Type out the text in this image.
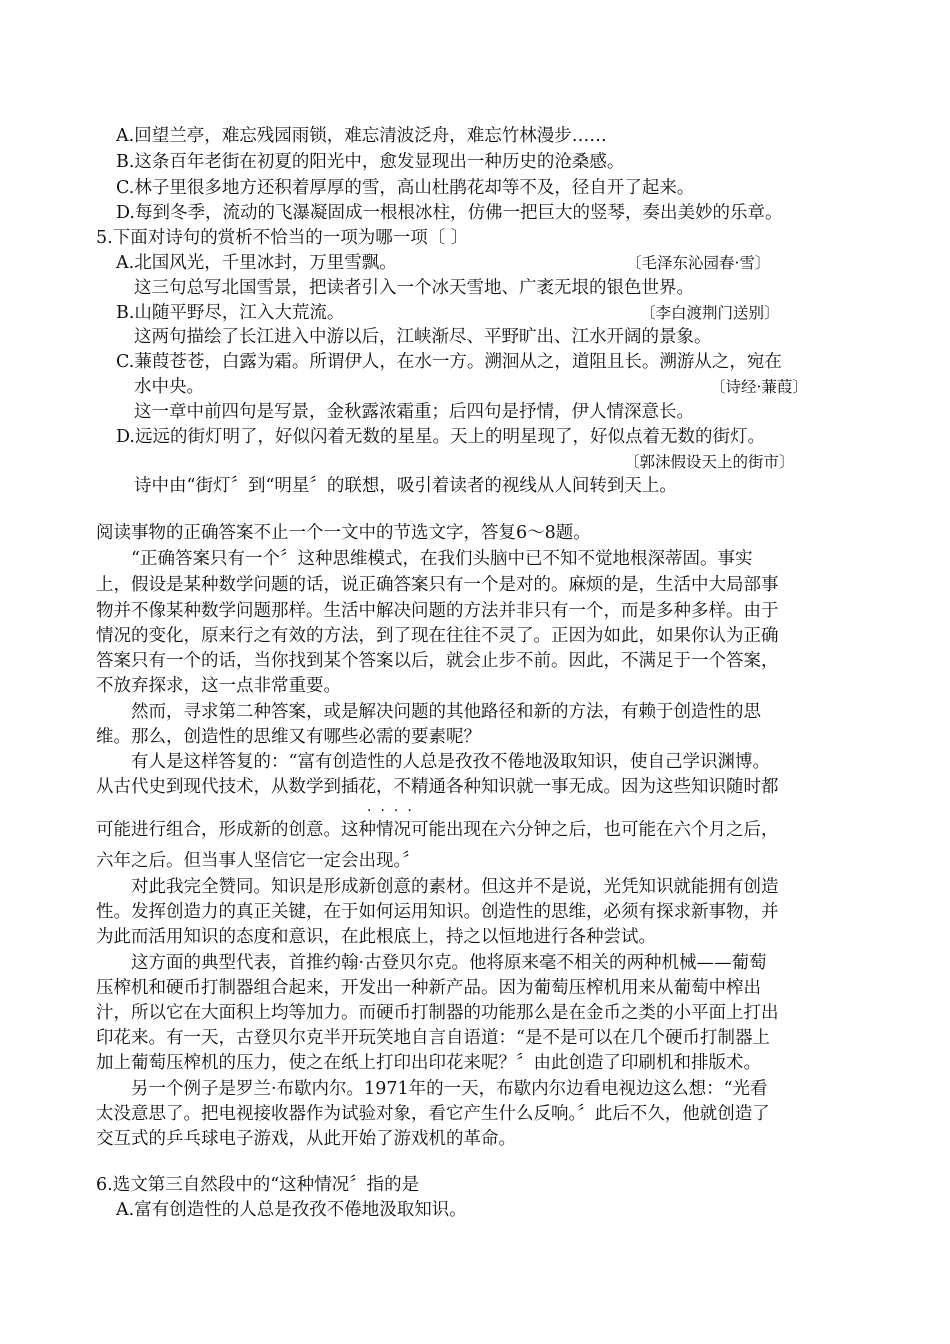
A.回望兰亭，难忘残园雨锁，难忘清波泛舟，难忘竹林漫步……
B.这条百年老街在初夏的阳光中，愈发显现出一种历史的沧桑感。
C.林子里很多地方还积着厚厚的雪，高山杜鹃花却等不及，径自开了起来。
D.每到冬季，流动的飞瀑凝固成一根根冰柱，仿佛一把巨大的竖琴，奏出美妙的乐章。
5.下面对诗句的赏析不恰当的一项为哪一项〔 〕
A.北国风光，千里冰封，万里雪飘。	〔毛泽东沁园春·雪〕
这三句总写北国雪景，把读者引入一个冰天雪地、广袤无垠的银色世界。
B.山随平野尽，江入大荒流。	〔李白渡荆门送别〕
这两句描绘了长江进入中游以后，江峡渐尽、平野旷出、江水开阔的景象。
C.蒹葭苍苍，白露为霜。所谓伊人，在水一方。溯洄从之，道阻且长。溯游从之，宛在
水中央。	〔诗经·蒹葭〕
这一章中前四句是写景，金秋露浓霜重；后四句是抒情，伊人情深意长。
D.远远的街灯明了，好似闪着无数的星星。天上的明星现了，好似点着无数的街灯。
〔郭沫假设天上的街市〕
诗中由“街灯〞到“明星〞的联想，吸引着读者的视线从人间转到天上。
阅读事物的正确答案不止一个一文中的节选文字，答复6～8题。
“正确答案只有一个〞这种思维模式，在我们头脑中已不知不觉地根深蒂固。事实
上，假设是某种数学问题的话，说正确答案只有一个是对的。麻烦的是，生活中大局部事
物并不像某种数学问题那样。生活中解决问题的方法并非只有一个，而是多种多样。由于
情况的变化，原来行之有效的方法，到了现在往往不灵了。正因为如此，如果你认为正确
答案只有一个的话，当你找到某个答案以后，就会止步不前。因此，不满足于一个答案，
不放弃探求，这一点非常重要。
然而，寻求第二种答案，或是解决问题的其他路径和新的方法，有赖于创造性的思
维。那么，创造性的思维又有哪些必需的要素呢？
有人是这样答复的：“富有创造性的人总是孜孜不倦地汲取知识，使自己学识渊博。
从古代史到现代技术，从数学到插花，不精通各种知识就一事无成。因为这些知识随时都
····
可能进行组合，形成新的创意。这种情况可能出现在六分钟之后，也可能在六个月之后，
六年之后。但当事人坚信它一定会出现。〞
对此我完全赞同。知识是形成新创意的素材。但这并不是说，光凭知识就能拥有创造
性。发挥创造力的真正关键，在于如何运用知识。创造性的思维，必须有探求新事物，并
为此而活用知识的态度和意识，在此根底上，持之以恒地进行各种尝试。
这方面的典型代表，首推约翰·古登贝尔克。他将原来毫不相关的两种机械——葡萄
压榨机和硬币打制器组合起来，开发出一种新产品。因为葡萄压榨机用来从葡萄中榨出
汁，所以它在大面积上均等加力。而硬币打制器的功能那么是在金币之类的小平面上打出
印花来。有一天，古登贝尔克半开玩笑地自言自语道：“是不是可以在几个硬币打制器上
加上葡萄压榨机的压力，使之在纸上打印出印花来呢？〞由此创造了印刷机和排版术。
另一个例子是罗兰·布歇内尔。1971年的一天，布歇内尔边看电视边这么想：“光看
太没意思了。把电视接收器作为试验对象，看它产生什么反响。〞此后不久，他就创造了
交互式的乒乓球电子游戏，从此开始了游戏机的革命。
6.选文第三自然段中的“这种情况〞指的是
A.富有创造性的人总是孜孜不倦地汲取知识。
